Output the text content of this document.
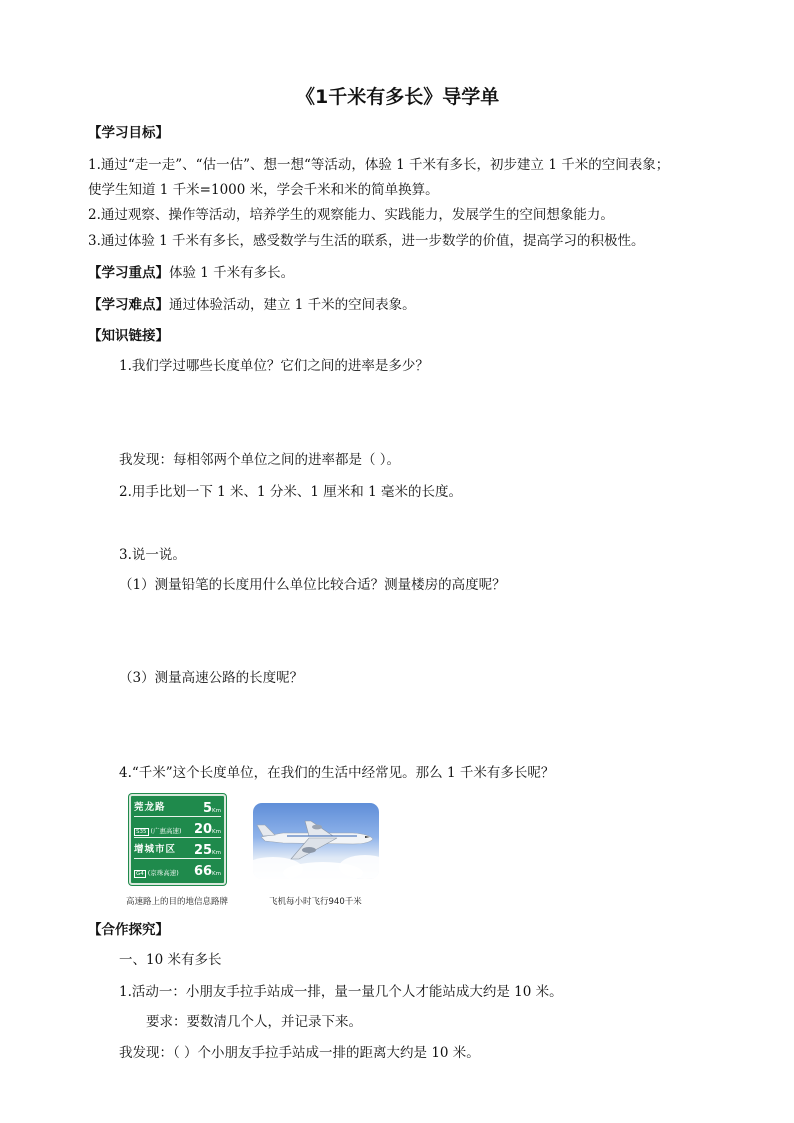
《1千米有多长》导学单
【学习目标】
1.通过“走一走”、“估一估”、想一想“等活动，体验 1 千米有多长，初步建立 1 千米的空间表象；
使学生知道 1 千米=1000 米，学会千米和米的简单换算。
2.通过观察、操作等活动，培养学生的观察能力、实践能力，发展学生的空间想象能力。
3.通过体验 1 千米有多长，感受数学与生活的联系，进一步数学的价值，提高学习的积极性。
【学习重点】体验 1 千米有多长。
【学习难点】通过体验活动，建立 1 千米的空间表象。
【知识链接】
1.我们学过哪些长度单位？它们之间的进率是多少？
我发现：每相邻两个单位之间的进率都是（ ）。
2.用手比划一下 1 米、1 分米、1 厘米和 1 毫米的长度。
3.说一说。
（1）测量铅笔的长度用什么单位比较合适？测量楼房的高度呢？
（3）测量高速公路的长度呢？
4.“千米”这个长度单位，在我们的生活中经常见。那么 1 千米有多长呢？
莞龙路	5Km
S35 (广惠高速) 20Km
增城市区 25Km
G4 (京珠高速) 66Km
高速路上的目的地信息路牌	飞机每小时飞行940千米
【合作探究】
一、10 米有多长
1.活动一：小朋友手拉手站成一排，量一量几个人才能站成大约是 10 米。
要求：要数清几个人，并记录下来。
我发现：（ ）个小朋友手拉手站成一排的距离大约是 10 米。
